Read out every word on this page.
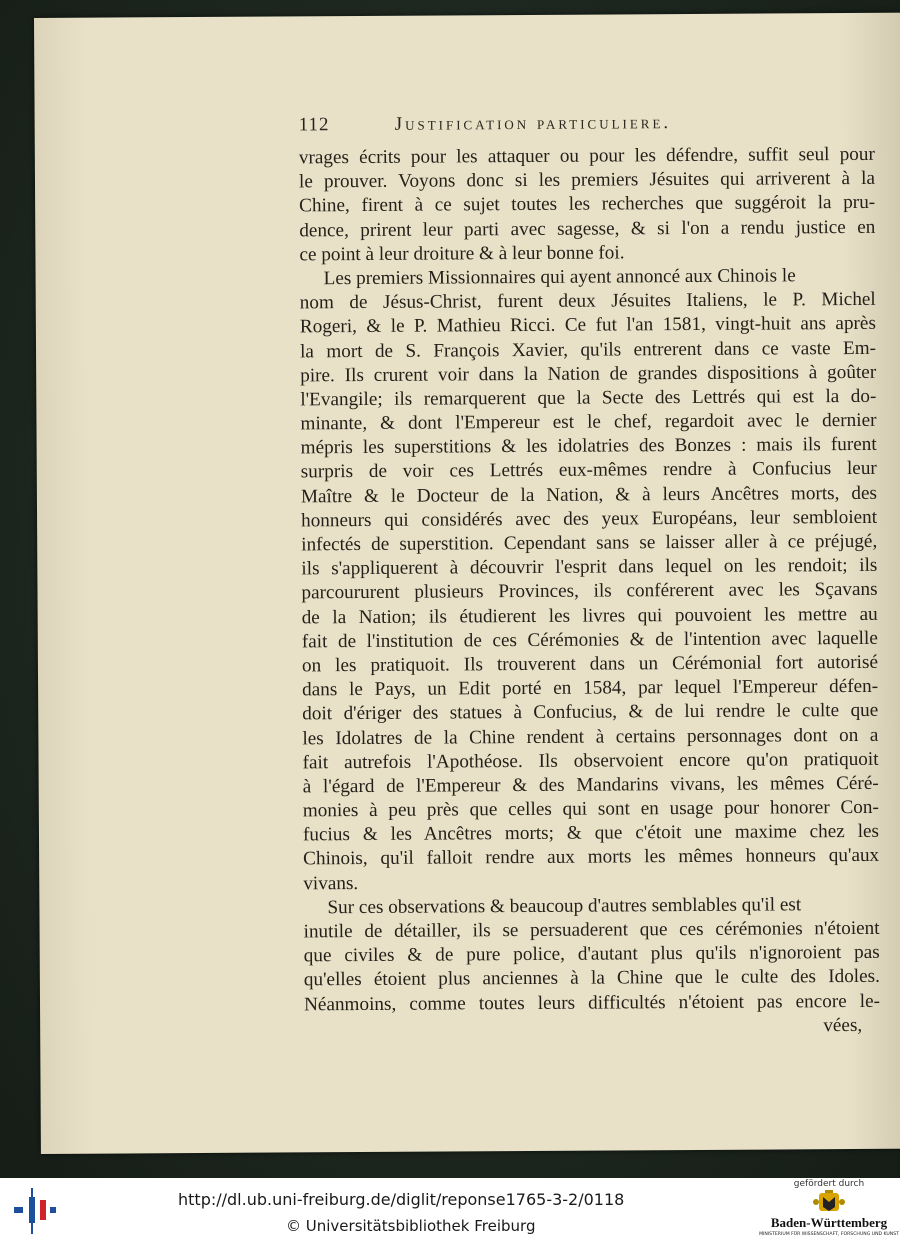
112	Justification particuliere.
vrages écrits pour les attaquer ou pour les défendre, suffit seul pour
le prouver. Voyons donc si les premiers Jésuites qui arriverent à la
Chine, firent à ce sujet toutes les recherches que suggéroit la pru-
dence, prirent leur parti avec sagesse, & si l'on a rendu justice en
ce point à leur droiture & à leur bonne foi.
Les premiers Missionnaires qui ayent annoncé aux Chinois le
nom de Jésus-Christ, furent deux Jésuites Italiens, le P. Michel
Rogeri, & le P. Mathieu Ricci. Ce fut l'an 1581, vingt-huit ans après
la mort de S. François Xavier, qu'ils entrerent dans ce vaste Em-
pire. Ils crurent voir dans la Nation de grandes dispositions à goûter
l'Evangile; ils remarquerent que la Secte des Lettrés qui est la do-
minante, & dont l'Empereur est le chef, regardoit avec le dernier
mépris les superstitions & les idolatries des Bonzes : mais ils furent
surpris de voir ces Lettrés eux-mêmes rendre à Confucius leur
Maître & le Docteur de la Nation, & à leurs Ancêtres morts, des
honneurs qui considérés avec des yeux Européans, leur sembloient
infectés de superstition. Cependant sans se laisser aller à ce préjugé,
ils s'appliquerent à découvrir l'esprit dans lequel on les rendoit; ils
parcoururent plusieurs Provinces, ils conférerent avec les Sçavans
de la Nation; ils étudierent les livres qui pouvoient les mettre au
fait de l'institution de ces Cérémonies & de l'intention avec laquelle
on les pratiquoit. Ils trouverent dans un Cérémonial fort autorisé
dans le Pays, un Edit porté en 1584, par lequel l'Empereur défen-
doit d'ériger des statues à Confucius, & de lui rendre le culte que
les Idolatres de la Chine rendent à certains personnages dont on a
fait autrefois l'Apothéose. Ils observoient encore qu'on pratiquoit
à l'égard de l'Empereur & des Mandarins vivans, les mêmes Céré-
monies à peu près que celles qui sont en usage pour honorer Con-
fucius & les Ancêtres morts; & que c'étoit une maxime chez les
Chinois, qu'il falloit rendre aux morts les mêmes honneurs qu'aux
vivans.
Sur ces observations & beaucoup d'autres semblables qu'il est
inutile de détailler, ils se persuaderent que ces cérémonies n'étoient
que civiles & de pure police, d'autant plus qu'ils n'ignoroient pas
qu'elles étoient plus anciennes à la Chine que le culte des Idoles.
Néanmoins, comme toutes leurs difficultés n'étoient pas encore le-
vées,
http://dl.ub.uni-freiburg.de/diglit/reponse1765-3-2/0118
© Universitätsbibliothek Freiburg
gefördert durch
Baden-Württemberg
MINISTERIUM FÜR WISSENSCHAFT, FORSCHUNG UND KUNST
